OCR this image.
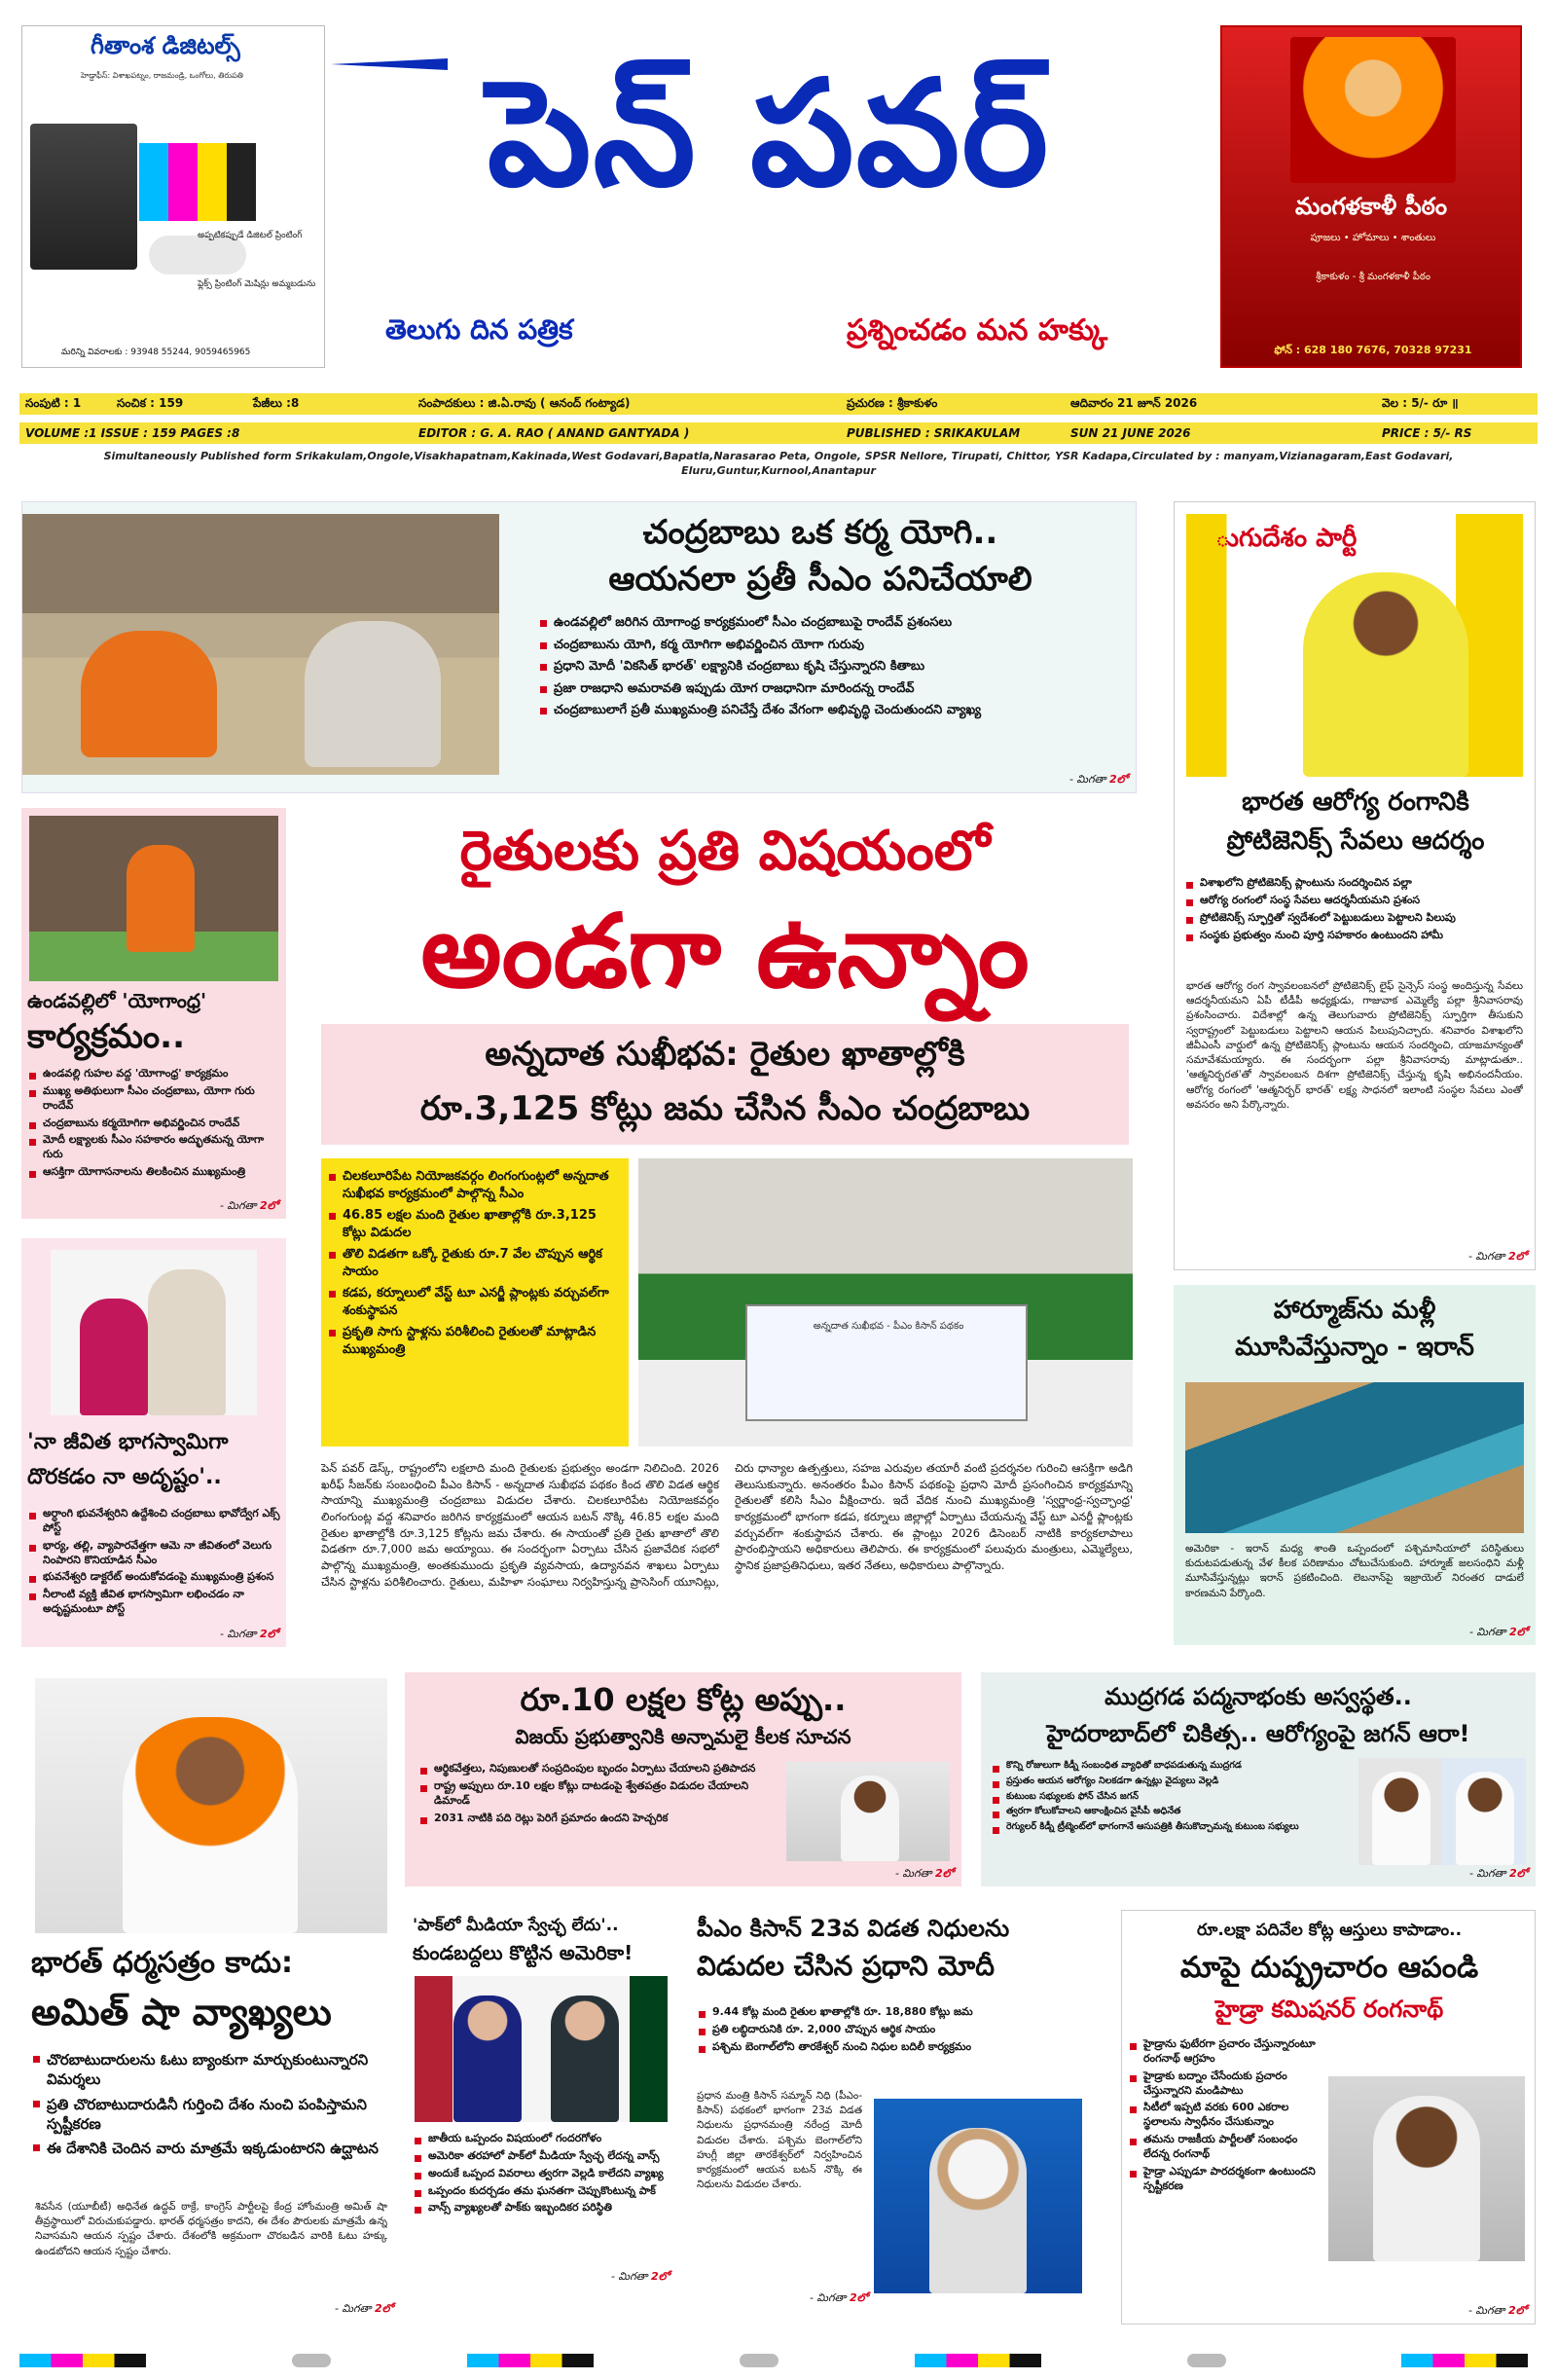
గీతాంశ డిజిటల్స్
హెడ్డాఫీస్: విశాఖపట్నం, రాజమండ్రి, ఒంగోలు, తిరుపతి
అప్పటికప్పుడే డిజిటల్ ప్రింటింగ్
ఫ్లెక్స్ ప్రింటింగ్ మెషిన్లు అమ్మబడును
మరిన్ని వివరాలకు : 93948 55244, 9059465965
పెన్ పవర్
తెలుగు దిన పత్రిక	ప్రశ్నించడం మన హక్కు
మంగళకాళీ పీఠం
పూజలు • హోమాలు • శాంతులు
శ్రీకాకుళం - శ్రీ మంగళకాళీ పీఠం
ఫోన్ : 628 180 7676, 70328 97231
సంపుటి : 1	సంచిక : 159	పేజీలు :8	సంపాదకులు : జి.ఏ.రావు ( ఆనంద్ గంట్యాడ)	ప్రచురణ : శ్రీకాకుళం	ఆదివారం 21 జూన్ 2026	వెల : 5/- రూ ॥
VOLUME :1 ISSUE : 159 PAGES :8	EDITOR : G. A. RAO ( ANAND GANTYADA )	PUBLISHED : SRIKAKULAM	SUN 21 JUNE 2026	PRICE : 5/- RS
Simultaneously Published form Srikakulam,Ongole,Visakhapatnam,Kakinada,West Godavari,Bapatla,Narasarao Peta, Ongole, SPSR Nellore, Tirupati, Chittor, YSR Kadapa,Circulated by : manyam,Vizianagaram,East Godavari, Eluru,Guntur,Kurnool,Anantapur
చంద్రబాబు ఒక కర్మ యోగి..
ఆయనలా ప్రతీ సీఎం పనిచేయాలి
ఉండవల్లిలో జరిగిన యోగాంధ్ర కార్యక్రమంలో సీఎం చంద్రబాబుపై రాందేవ్ ప్రశంసలు
చంద్రబాబును యోగి, కర్మ యోగిగా అభివర్ణించిన యోగా గురువు
ప్రధాని మోదీ 'వికసిత్ భారత్' లక్ష్యానికి చంద్రబాబు కృషి చేస్తున్నారని కితాబు
ప్రజా రాజధాని అమరావతి ఇప్పుడు యోగ రాజధానిగా మారిందన్న రాందేవ్
చంద్రబాబులాగే ప్రతీ ముఖ్యమంత్రి పనిచేస్తే దేశం వేగంగా అభివృద్ధి చెందుతుందని వ్యాఖ్య
- మిగతా 2లో
ుగుదేశం పార్టీ
భారత ఆరోగ్య రంగానికి
ప్రోటిజెనిక్స్ సేవలు ఆదర్శం
విశాఖలోని ప్రోటిజెనిక్స్ ప్లాంటును సందర్శించిన పల్లా
ఆరోగ్య రంగంలో సంస్థ సేవలు ఆదర్శనీయమని ప్రశంస
ప్రోటిజెనిక్స్ స్ఫూర్తితో స్వదేశంలో పెట్టుబడులు పెట్టాలని పిలుపు
సంస్థకు ప్రభుత్వం నుంచి పూర్తి సహకారం ఉంటుందని హామీ
భారత ఆరోగ్య రంగ స్వావలంబనలో ప్రోటిజెనిక్స్ లైఫ్ సైన్సెస్ సంస్థ అందిస్తున్న సేవలు ఆదర్శనీయమని ఏపీ టీడీపీ అధ్యక్షుడు, గాజువాక ఎమ్మెల్యే పల్లా శ్రీనివాసరావు ప్రశంసించారు. విదేశాల్లో ఉన్న తెలుగువారు ప్రోటిజెనిక్స్ స్ఫూర్తిగా తీసుకుని స్వరాష్ట్రంలో పెట్టుబడులు పెట్టాలని ఆయన పిలుపునిచ్చారు. శనివారం విశాఖలోని జీవీఎంసీ వార్డులో ఉన్న ప్రోటిజెనిక్స్ ప్లాంటును ఆయన సందర్శించి, యాజమాన్యంతో సమావేశమయ్యారు. ఈ సందర్భంగా పల్లా శ్రీనివాసరావు మాట్లాడుతూ.. 'ఆత్మనిర్భరత'తో స్వావలంబన దిశగా ప్రోటిజెనిక్స్ చేస్తున్న కృషి అభినందనీయం. ఆరోగ్య రంగంలో 'ఆత్మనిర్భర్ భారత్' లక్ష్య సాధనలో ఇలాంటి సంస్థల సేవలు ఎంతో అవసరం అని పేర్కొన్నారు.
- మిగతా 2లో
ఉండవల్లిలో 'యోగాంధ్ర'
కార్యక్రమం..
ఉండవల్లి గుహల వద్ద 'యోగాంధ్ర' కార్యక్రమం
ముఖ్య అతిథులుగా సీఎం చంద్రబాబు, యోగా గురు రాందేవ్
చంద్రబాబును కర్మయోగిగా అభివర్ణించిన రాందేవ్
మోదీ లక్ష్యాలకు సీఎం సహకారం అద్భుతమన్న యోగా గురు
ఆసక్తిగా యోగాసనాలను తిలకించిన ముఖ్యమంత్రి
- మిగతా 2లో
రైతులకు ప్రతి విషయంలో
అండగా ఉన్నాం
అన్నదాత సుఖీభవ: రైతుల ఖాతాల్లోకి
రూ.3,125 కోట్లు జమ చేసిన సీఎం చంద్రబాబు
చిలకలూరిపేట నియోజకవర్గం లింగంగుంట్లలో అన్నదాత సుఖీభవ కార్యక్రమంలో పాల్గొన్న సీఎం
46.85 లక్షల మంది రైతుల ఖాతాల్లోకి రూ.3,125 కోట్లు విడుదల
తొలి విడతగా ఒక్కో రైతుకు రూ.7 వేల చొప్పున ఆర్థిక సాయం
కడప, కర్నూలులో వేస్ట్ టూ ఎనర్జీ ప్లాంట్లకు వర్చువల్‌గా శంకుస్థాపన
ప్రకృతి సాగు స్టాళ్లను పరిశీలించి రైతులతో మాట్లాడిన ముఖ్యమంత్రి
అన్నదాత సుఖీభవ - పీఎం కిసాన్ పథకం
పెన్ పవర్ డెస్క్, రాష్ట్రంలోని లక్షలాది మంది రైతులకు ప్రభుత్వం అండగా నిలిచింది. 2026 ఖరీఫ్ సీజన్‌కు సంబంధించి పీఎం కిసాన్ - అన్నదాత సుఖీభవ పథకం కింద తొలి విడత ఆర్థిక సాయాన్ని ముఖ్యమంత్రి చంద్రబాబు విడుదల చేశారు. చిలకలూరిపేట నియోజకవర్గం లింగంగుంట్ల వద్ద శనివారం జరిగిన కార్యక్రమంలో ఆయన బటన్ నొక్కి 46.85 లక్షల మంది రైతుల ఖాతాల్లోకి రూ.3,125 కోట్లను జమ చేశారు. ఈ సాయంతో ప్రతి రైతు ఖాతాలో తొలి విడతగా రూ.7,000 జమ అయ్యాయి. ఈ సందర్భంగా ఏర్పాటు చేసిన ప్రజావేదిక సభలో పాల్గొన్న ముఖ్యమంత్రి, అంతకుముందు ప్రకృతి వ్యవసాయ, ఉద్యానవన శాఖలు ఏర్పాటు చేసిన స్టాళ్లను పరిశీలించారు. రైతులు, మహిళా సంఘాలు నిర్వహిస్తున్న ప్రాసెసింగ్ యూనిట్లు, చిరు ధాన్యాల ఉత్పత్తులు, సహజ ఎరువుల తయారీ వంటి ప్రదర్శనల గురించి ఆసక్తిగా అడిగి తెలుసుకున్నారు. అనంతరం పీఎం కిసాన్ పథకంపై ప్రధాని మోదీ ప్రసంగించిన కార్యక్రమాన్ని రైతులతో కలిసి సీఎం వీక్షించారు. ఇదే వేదిక నుంచి ముఖ్యమంత్రి 'స్వర్ణాంధ్ర-స్వచ్ఛాంధ్ర' కార్యక్రమంలో భాగంగా కడప, కర్నూలు జిల్లాల్లో ఏర్పాటు చేయనున్న వేస్ట్ టూ ఎనర్జీ ప్లాంట్లకు వర్చువల్‌గా శంకుస్థాపన చేశారు. ఈ ప్లాంట్లు 2026 డిసెంబర్ నాటికి కార్యకలాపాలు ప్రారంభిస్తాయని అధికారులు తెలిపారు. ఈ కార్యక్రమంలో పలువురు మంత్రులు, ఎమ్మెల్యేలు, స్థానిక ప్రజాప్రతినిధులు, ఇతర నేతలు, అధికారులు పాల్గొన్నారు.
'నా జీవిత భాగస్వామిగా
దొరకడం నా అదృష్టం'..
అర్ధాంగి భువనేశ్వరిని ఉద్దేశించి చంద్రబాబు భావోద్వేగ ఎక్స్ పోస్ట్
భార్య, తల్లి, వ్యాపారవేత్తగా ఆమె నా జీవితంలో వెలుగు నింపారని కొనియాడిన సీఎం
భువనేశ్వరి డాక్టరేట్ అందుకోవడంపై ముఖ్యమంత్రి ప్రశంస
నీలాంటి వ్యక్తి జీవిత భాగస్వామిగా లభించడం నా అదృష్టమంటూ పోస్ట్
- మిగతా 2లో
హార్మూజ్‌ను మళ్లీ
మూసివేస్తున్నాం - ఇరాన్
అమెరికా - ఇరాన్ మధ్య శాంతి ఒప్పందంలో పశ్చిమాసియాలో పరిస్థితులు కుదుటపడుతున్న వేళ కీలక పరిణామం చోటుచేసుకుంది. హార్మూజ్ జలసంధిని మళ్లీ మూసివేస్తున్నట్లు ఇరాన్ ప్రకటించింది. లెబనాన్‌పై ఇజ్రాయెల్ నిరంతర దాడులే కారణమని పేర్కొంది.
- మిగతా 2లో
భారత్ ధర్మసత్రం కాదు:
అమిత్ షా వ్యాఖ్యలు
చొరబాటుదారులను ఓటు బ్యాంకుగా మార్చుకుంటున్నారని విమర్శలు
ప్రతి చొరబాటుదారుడినీ గుర్తించి దేశం నుంచి పంపిస్తామని స్పష్టీకరణ
ఈ దేశానికి చెందిన వారు మాత్రమే ఇక్కడుంటారని ఉద్ఘాటన
శివసేన (యూబీటీ) అధినేత ఉద్ధవ్ ఠాక్రే, కాంగ్రెస్ పార్టీలపై కేంద్ర హోంమంత్రి అమిత్ షా తీవ్రస్థాయిలో విరుచుకుపడ్డారు. భారత్ ధర్మసత్రం కాదని, ఈ దేశం పౌరులకు మాత్రమే ఉన్న నివాసమని ఆయన స్పష్టం చేశారు. దేశంలోకి అక్రమంగా చొరబడిన వారికి ఓటు హక్కు ఉండబోదని ఆయన స్పష్టం చేశారు.
- మిగతా 2లో
రూ.10 లక్షల కోట్ల అప్పు..
విజయ్ ప్రభుత్వానికి అన్నామలై కీలక సూచన
ఆర్థికవేత్తలు, నిపుణులతో సంప్రదింపుల బృందం ఏర్పాటు చేయాలని ప్రతిపాదన
రాష్ట్ర అప్పులు రూ.10 లక్షల కోట్లు దాటడంపై శ్వేతపత్రం విడుదల చేయాలని డిమాండ్
2031 నాటికి పది రెట్లు పెరిగే ప్రమాదం ఉందని హెచ్చరిక
- మిగతా 2లో
ముద్రగడ పద్మనాభంకు అస్వస్థత..
హైదరాబాద్‌లో చికిత్స.. ఆరోగ్యంపై జగన్ ఆరా!
కొన్ని రోజులుగా కిడ్నీ సంబంధిత వ్యాధితో బాధపడుతున్న ముద్రగడ
ప్రస్తుతం ఆయన ఆరోగ్యం నిలకడగా ఉన్నట్లు వైద్యులు వెల్లడి
కుటుంబ సభ్యులకు ఫోన్ చేసిన జగన్
త్వరగా కోలుకోవాలని ఆకాంక్షించిన వైసీపీ అధినేత
రెగ్యులర్ కిడ్నీ ట్రీట్మెంట్‌లో భాగంగానే ఆసుపత్రికి తీసుకొచ్చామన్న కుటుంబ సభ్యులు
- మిగతా 2లో
'పాక్‌లో మీడియా స్వేచ్ఛ లేదు'..
కుండబద్దలు కొట్టిన అమెరికా!
జాతీయ ఒప్పందం విషయంలో గందరగోళం
అమెరికా తరహాలో పాక్‌లో మీడియా స్వేచ్ఛ లేదన్న వాన్స్
అందుకే ఒప్పంద వివరాలు త్వరగా వెల్లడి కాలేదని వ్యాఖ్య
ఒప్పందం కుదర్చడం తమ ఘనతగా చెప్పుకొంటున్న పాక్
వాన్స్ వ్యాఖ్యలతో పాక్‌కు ఇబ్బందికర పరిస్థితి
- మిగతా 2లో
పీఎం కిసాన్ 23వ విడత నిధులను
విడుదల చేసిన ప్రధాని మోదీ
9.44 కోట్ల మంది రైతుల ఖాతాల్లోకి రూ. 18,880 కోట్లు జమ
ప్రతి లబ్ధిదారునికి రూ. 2,000 చొప్పున ఆర్థిక సాయం
పశ్చిమ బెంగాల్‌లోని తారకేశ్వర్ నుంచి నిధుల బదిలీ కార్యక్రమం
ప్రధాన మంత్రి కిసాన్ సమ్మాన్ నిధి (పీఎం-కిసాన్) పథకంలో భాగంగా 23వ విడత నిధులను ప్రధానమంత్రి నరేంద్ర మోదీ విడుదల చేశారు. పశ్చిమ బెంగాల్‌లోని హుగ్లీ జిల్లా తారకేశ్వర్‌లో నిర్వహించిన కార్యక్రమంలో ఆయన బటన్ నొక్కి ఈ నిధులను విడుదల చేశారు.
- మిగతా 2లో
రూ.లక్షా పదివేల కోట్ల ఆస్తులు కాపాడాం..
మాపై దుష్ప్రచారం ఆపండి
హైడ్రా కమిషనర్ రంగనాథ్
హైడ్రాను ఫుటేరగా ప్రచారం చేస్తున్నారంటూ రంగనాథ్ ఆగ్రహం
హైడ్రాకు బద్నాం చేసేందుకు ప్రచారం చేస్తున్నారని మండిపాటు
సిటీలో ఇప్పటి వరకు 600 ఎకరాల స్థలాలను స్వాధీనం చేసుకున్నాం
తమను రాజకీయ పార్టీలతో సంబంధం లేదన్న రంగనాథ్
హైడ్రా ఎప్పుడూ పారదర్శకంగా ఉంటుందని స్పష్టీకరణ
- మిగతా 2లో
